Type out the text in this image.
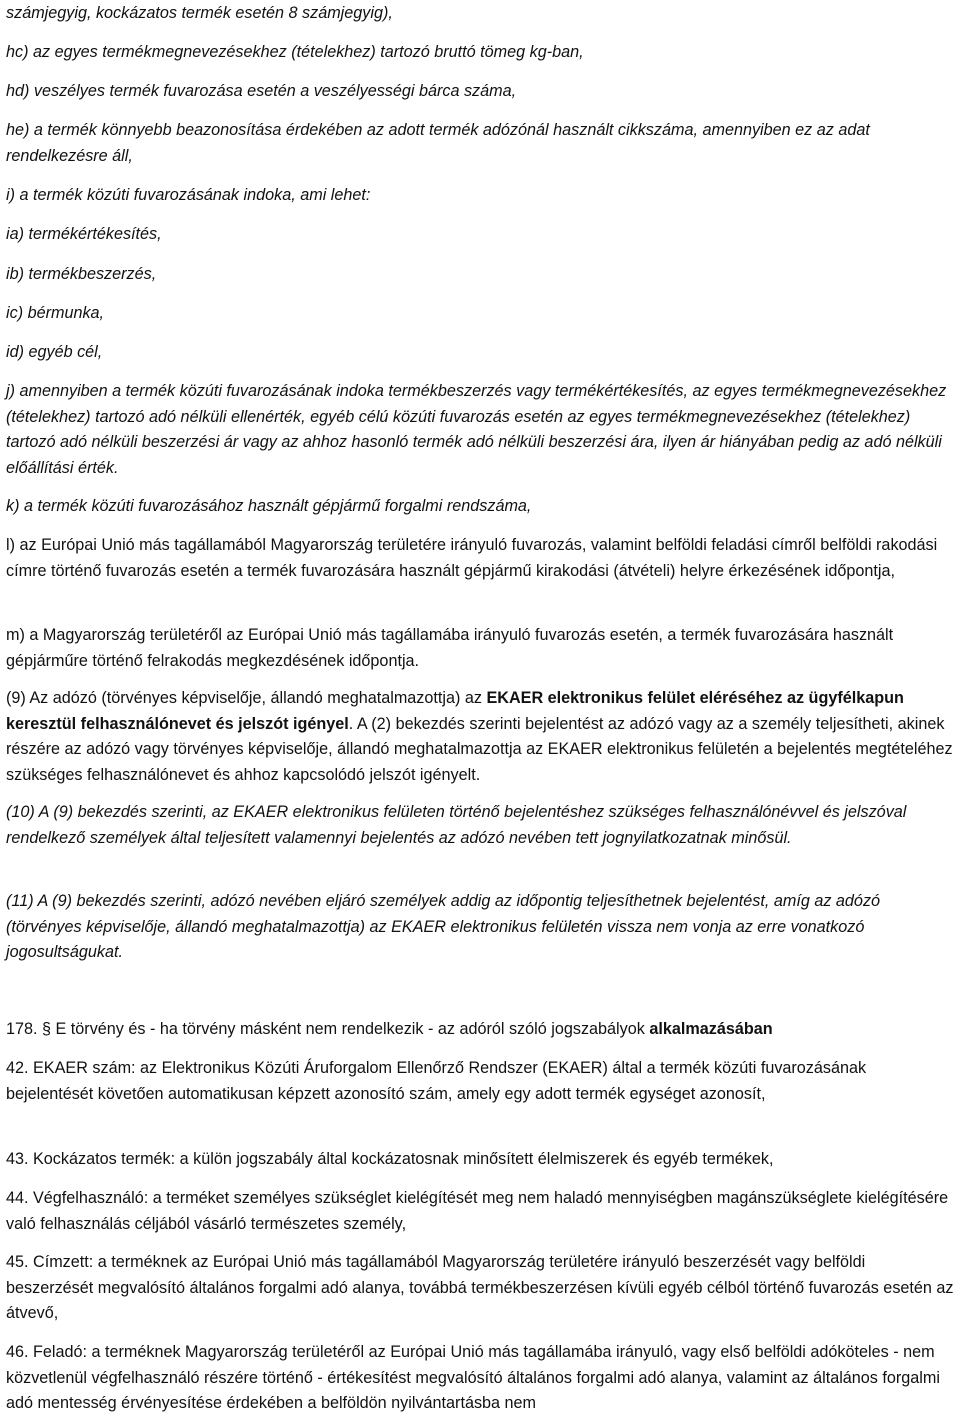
számjegyig, kockázatos termék esetén 8 számjegyig),

hc) az egyes termékmegnevezésekhez (tételekhez) tartozó bruttó tömeg kg-ban,

hd) veszélyes termék fuvarozása esetén a veszélyességi bárca száma,

he) a termék könnyebb beazonosítása érdekében az adott termék adózónál használt cikkszáma, amennyiben ez az adat rendelkezésre áll,

i) a termék közúti fuvarozásának indoka, ami lehet:

ia) termékértékesítés,

ib) termékbeszerzés,

ic) bérmunka,

id) egyéb cél,

j) amennyiben a termék közúti fuvarozásának indoka termékbeszerzés vagy termékértékesítés, az egyes termékmegnevezésekhez (tételekhez) tartozó adó nélküli ellenérték, egyéb célú közúti fuvarozás esetén az egyes termékmegnevezésekhez (tételekhez) tartozó adó nélküli beszerzési ár vagy az ahhoz hasonló termék adó nélküli beszerzési ára, ilyen ár hiányában pedig az adó nélküli előállítási érték.

k) a termék közúti fuvarozásához használt gépjármű forgalmi rendszáma,

l) az Európai Unió más tagállamából Magyarország területére irányuló fuvarozás, valamint belföldi feladási címről belföldi rakodási címre történő fuvarozás esetén a termék fuvarozására használt gépjármű kirakodási (átvételi) helyre érkezésének időpontja,

m) a Magyarország területéről az Európai Unió más tagállamába irányuló fuvarozás esetén, a termék fuvarozására használt gépjárműre történő felrakodás megkezdésének időpontja.

(9) Az adózó (törvényes képviselője, állandó meghatalmazottja) az EKAER elektronikus felület eléréséhez az ügyfélkapun keresztül felhasználónevet és jelszót igényel. A (2) bekezdés szerinti bejelentést az adózó vagy az a személy teljesítheti, akinek részére az adózó vagy törvényes képviselője, állandó meghatalmazottja az EKAER elektronikus felületén a bejelentés megtételéhez szükséges felhasználónevet és ahhoz kapcsolódó jelszót igényelt.

(10) A (9) bekezdés szerinti, az EKAER elektronikus felületen történő bejelentéshez szükséges felhasználónévvel és jelszóval rendelkező személyek által teljesített valamennyi bejelentés az adózó nevében tett jognyilatkozatnak minősül.

(11) A (9) bekezdés szerinti, adózó nevében eljáró személyek addig az időpontig teljesíthetnek bejelentést, amíg az adózó (törvényes képviselője, állandó meghatalmazottja) az EKAER elektronikus felületén vissza nem vonja az erre vonatkozó jogosultságukat.

178. § E törvény és - ha törvény másként nem rendelkezik - az adóról szóló jogszabályok alkalmazásában

42. EKAER szám: az Elektronikus Közúti Áruforgalom Ellenőrző Rendszer (EKAER) által a termék közúti fuvarozásának bejelentését követően automatikusan képzett azonosító szám, amely egy adott termék egységet azonosít,

43. Kockázatos termék: a külön jogszabály által kockázatosnak minősített élelmiszerek és egyéb termékek,

44. Végfelhasználó: a terméket személyes szükséglet kielégítését meg nem haladó mennyiségben magánszükséglete kielégítésére való felhasználás céljából vásárló természetes személy,

45. Címzett: a terméknek az Európai Unió más tagállamából Magyarország területére irányuló beszerzését vagy belföldi beszerzését megvalósító általános forgalmi adó alanya, továbbá termékbeszerzésen kívüli egyéb célból történő fuvarozás esetén az átvevő,

46. Feladó: a terméknek Magyarország területéről az Európai Unió más tagállamába irányuló, vagy első belföldi adóköteles - nem közvetlenül végfelhasználó részére történő - értékesítést megvalósító általános forgalmi adó alanya, valamint az általános forgalmi adó mentesség érvényesítése érdekében a belföldön nyilvántartásba nem
